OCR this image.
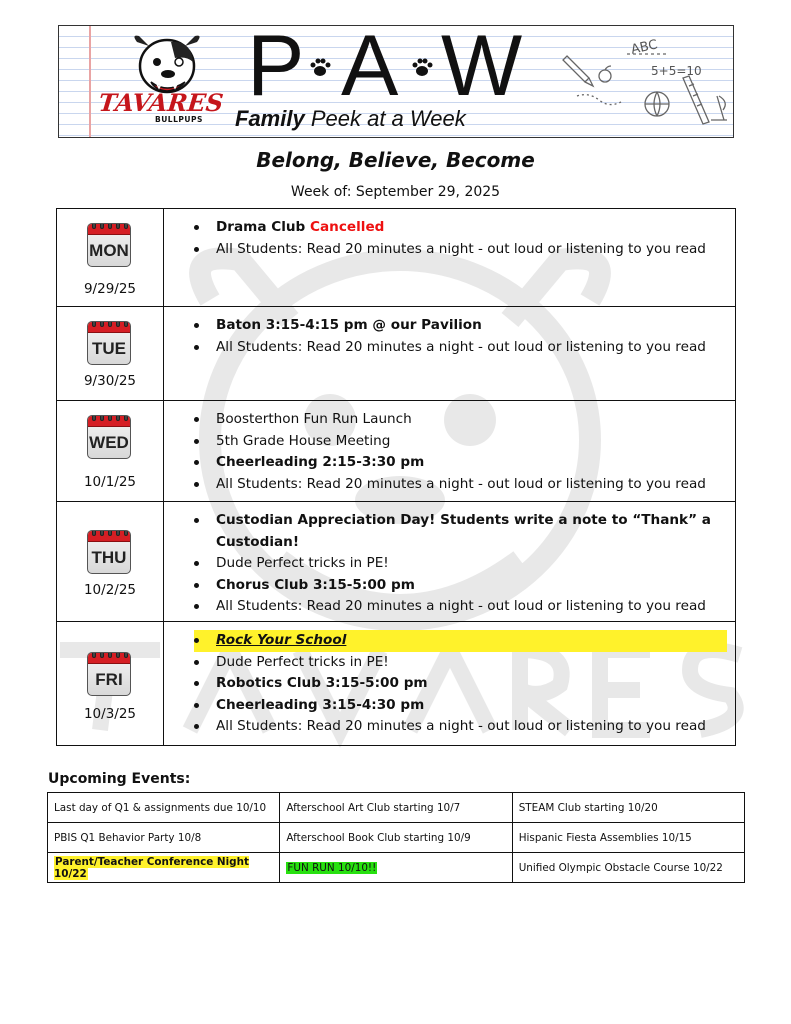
TAVARES
BULLPUPS
P A W
Family Peek at a Week
ABC
5+5=10
Belong, Believe, Become
Week of: September 29, 2025
MON
9/29/25
Drama Club Cancelled
All Students: Read 20 minutes a night - out loud or listening to you read
TUE
9/30/25
Baton 3:15-4:15 pm @ our Pavilion
All Students: Read 20 minutes a night - out loud or listening to you read
WED
10/1/25
Boosterthon Fun Run Launch
5th Grade House Meeting
Cheerleading 2:15-3:30 pm
All Students: Read 20 minutes a night - out loud or listening to you read
THU
10/2/25
Custodian Appreciation Day! Students write a note to “Thank” a Custodian!
Dude Perfect tricks in PE!
Chorus Club 3:15-5:00 pm
All Students: Read 20 minutes a night - out loud or listening to you read
FRI
10/3/25
Rock Your School
Dude Perfect tricks in PE!
Robotics Club 3:15-5:00 pm
Cheerleading 3:15-4:30 pm
All Students: Read 20 minutes a night - out loud or listening to you read
Upcoming Events:
Last day of Q1 & assignments due 10/10	Afterschool Art Club starting 10/7	STEAM Club starting 10/20
PBIS Q1 Behavior Party 10/8	Afterschool Book Club starting 10/9	Hispanic Fiesta Assemblies 10/15
Parent/Teacher Conference Night 10/22	FUN RUN 10/10!!	Unified Olympic Obstacle Course 10/22
